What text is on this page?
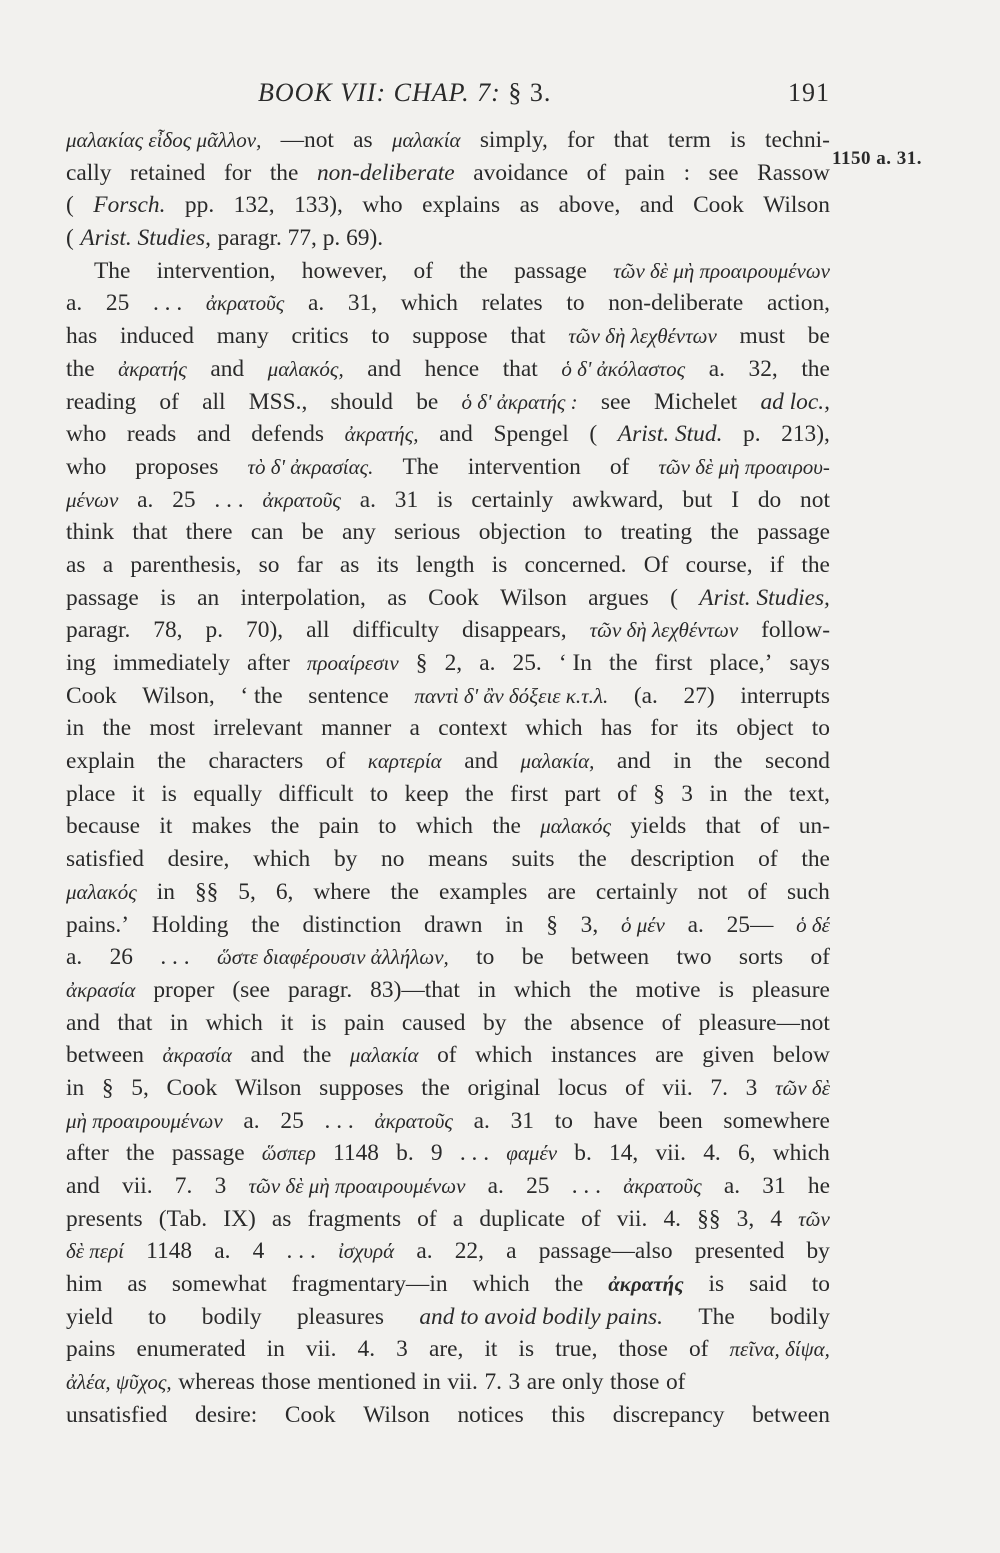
BOOK VII: CHAP. 7: § 3.	191
1150 a. 31.
μαλακίας εἶδος μᾶλλον, —not as μαλακία simply, for that term is techni-
cally retained for the non-deliberate avoidance of pain : see Rassow
( Forsch. pp. 132, 133), who explains as above, and Cook Wilson
( Arist. Studies, paragr. 77, p. 69).
The intervention, however, of the passage τῶν δὲ μὴ προαιρουμένων
a. 25 . . . ἀκρατοῦς a. 31, which relates to non-deliberate action,
has induced many critics to suppose that τῶν δὴ λεχθέντων must be
the ἀκρατής and μαλακός, and hence that ὁ δ' ἀκόλαστος a. 32, the
reading of all MSS., should be ὁ δ' ἀκρατής : see Michelet ad loc.,
who reads and defends ἀκρατής, and Spengel ( Arist. Stud. p. 213),
who proposes τὸ δ' ἀκρασίας. The intervention of τῶν δὲ μὴ προαιρου-
μένων a. 25 . . . ἀκρατοῦς a. 31 is certainly awkward, but I do not
think that there can be any serious objection to treating the passage
as a parenthesis, so far as its length is concerned. Of course, if the
passage is an interpolation, as Cook Wilson argues ( Arist. Studies,
paragr. 78, p. 70), all difficulty disappears, τῶν δὴ λεχθέντων follow-
ing immediately after προαίρεσιν § 2, a. 25. ‘ In the first place,’ says
Cook Wilson, ‘ the sentence παντὶ δ' ἂν δόξειε κ.τ.λ. (a. 27) interrupts
in the most irrelevant manner a context which has for its object to
explain the characters of καρτερία and μαλακία, and in the second
place it is equally difficult to keep the first part of § 3 in the text,
because it makes the pain to which the μαλακός yields that of un-
satisfied desire, which by no means suits the description of the
μαλακός in §§ 5, 6, where the examples are certainly not of such
pains.’ Holding the distinction drawn in § 3, ὁ μέν a. 25— ὁ δέ
a. 26 . . . ὥστε διαφέρουσιν ἀλλήλων, to be between two sorts of
ἀκρασία proper (see paragr. 83)—that in which the motive is pleasure
and that in which it is pain caused by the absence of pleasure—not
between ἀκρασία and the μαλακία of which instances are given below
in § 5, Cook Wilson supposes the original locus of vii. 7. 3 τῶν δὲ
μὴ προαιρουμένων a. 25 . . . ἀκρατοῦς a. 31 to have been somewhere
after the passage ὥσπερ 1148 b. 9 . . . φαμέν b. 14, vii. 4. 6, which
and vii. 7. 3 τῶν δὲ μὴ προαιρουμένων a. 25 . . . ἀκρατοῦς a. 31 he
presents (Tab. IX) as fragments of a duplicate of vii. 4. §§ 3, 4 τῶν
δὲ περί 1148 a. 4 . . . ἰσχυρά a. 22, a passage—also presented by
him as somewhat fragmentary—in which the ἀκρατής is said to
yield to bodily pleasures and to avoid bodily pains. The bodily
pains enumerated in vii. 4. 3 are, it is true, those of πεῖνα, δίψα,
ἀλέα, ψῦχος, whereas those mentioned in vii. 7. 3 are only those of
unsatisfied desire: Cook Wilson notices this discrepancy between
